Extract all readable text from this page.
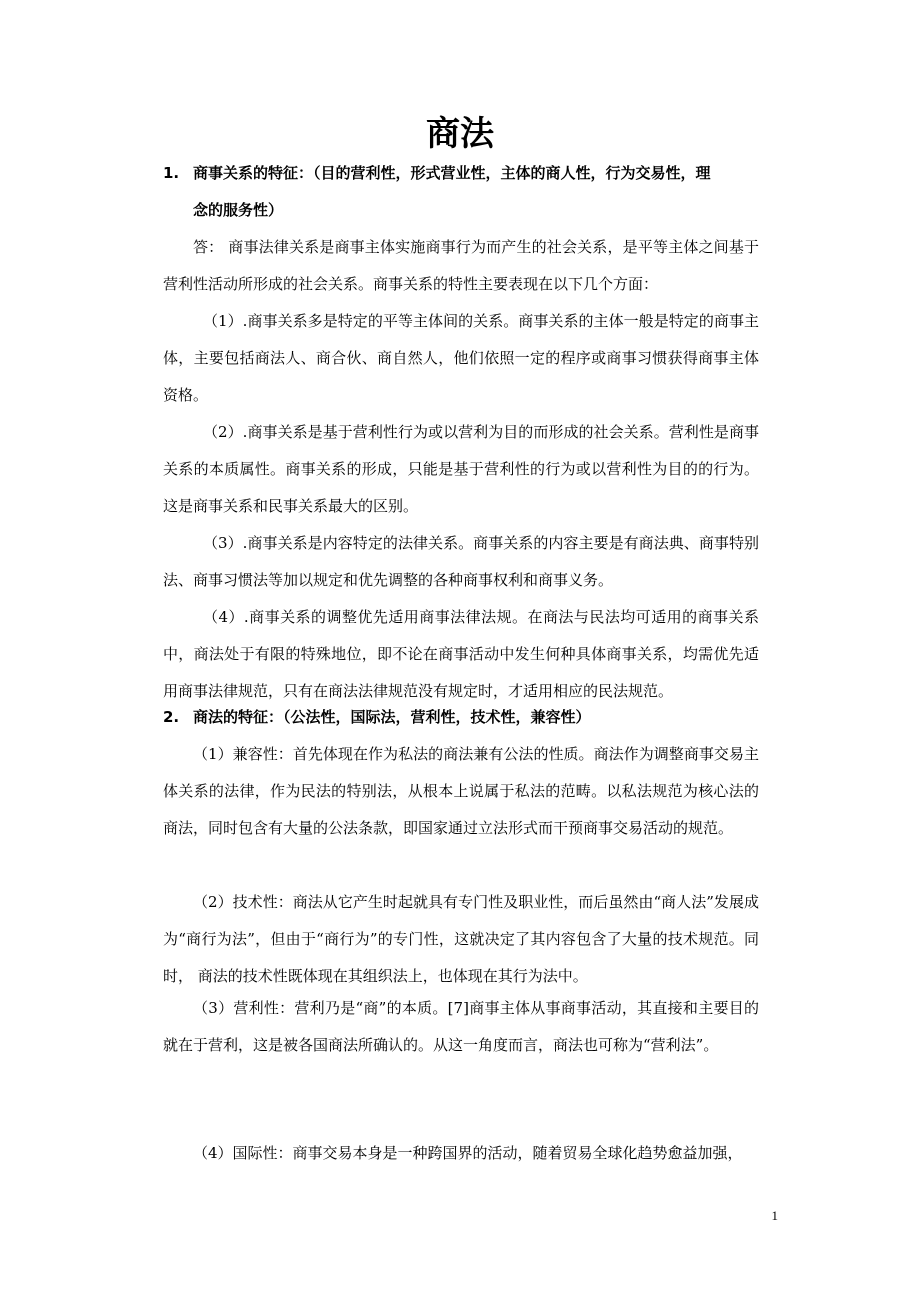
商法
1. 商事关系的特征：（目的营利性，形式营业性，主体的商人性，行为交易性，理
念的服务性）
答： 商事法律关系是商事主体实施商事行为而产生的社会关系，是平等主体之间基于营利性活动所形成的社会关系。商事关系的特性主要表现在以下几个方面：
（1）.商事关系多是特定的平等主体间的关系。商事关系的主体一般是特定的商事主体，主要包括商法人、商合伙、商自然人，他们依照一定的程序或商事习惯获得商事主体资格。
（2）.商事关系是基于营利性行为或以营利为目的而形成的社会关系。营利性是商事关系的本质属性。商事关系的形成，只能是基于营利性的行为或以营利性为目的的行为。这是商事关系和民事关系最大的区别。
（3）.商事关系是内容特定的法律关系。商事关系的内容主要是有商法典、商事特别法、商事习惯法等加以规定和优先调整的各种商事权利和商事义务。
（4）.商事关系的调整优先适用商事法律法规。在商法与民法均可适用的商事关系中，商法处于有限的特殊地位，即不论在商事活动中发生何种具体商事关系，均需优先适用商事法律规范，只有在商法法律规范没有规定时，才适用相应的民法规范。
2. 商法的特征：（公法性，国际法，营利性，技术性，兼容性）
（1）兼容性：首先体现在作为私法的商法兼有公法的性质。商法作为调整商事交易主体关系的法律，作为民法的特别法，从根本上说属于私法的范畴。以私法规范为核心法的商法，同时包含有大量的公法条款，即国家通过立法形式而干预商事交易活动的规范。
（2）技术性：商法从它产生时起就具有专门性及职业性，而后虽然由“商人法”发展成为“商行为法”，但由于“商行为”的专门性，这就决定了其内容包含了大量的技术规范。同时， 商法的技术性既体现在其组织法上，也体现在其行为法中。
（3）营利性：营利乃是“商”的本质。[7]商事主体从事商事活动，其直接和主要目的就在于营利，这是被各国商法所确认的。从这一角度而言，商法也可称为“营利法”。
（4）国际性：商事交易本身是一种跨国界的活动，随着贸易全球化趋势愈益加强，
1
